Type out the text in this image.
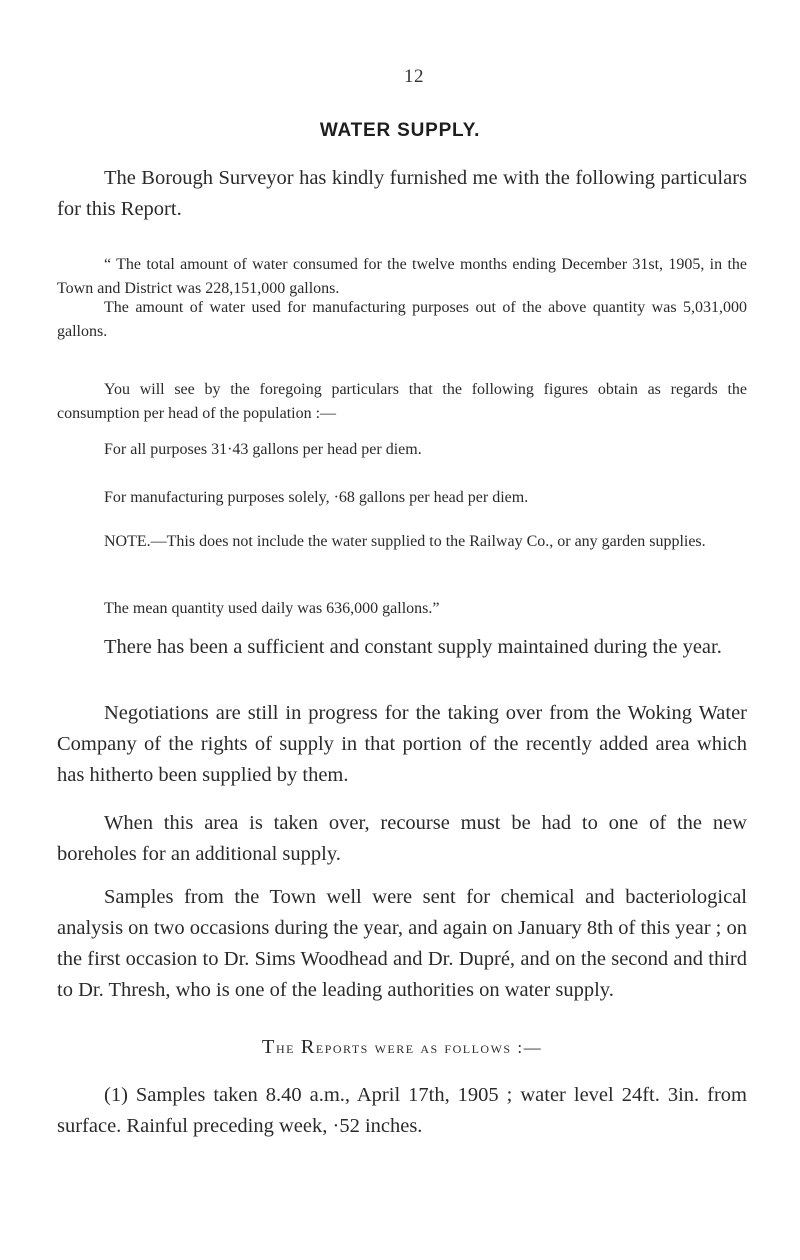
12
WATER SUPPLY.

The Borough Surveyor has kindly furnished me with the following particulars for this Report.

“ The total amount of water consumed for the twelve months ending December 31st, 1905, in the Town and District was 228,151,000 gallons.

The amount of water used for manufacturing purposes out of the above quantity was 5,031,000 gallons.

You will see by the foregoing particulars that the following figures obtain as regards the consumption per head of the population :—

For all purposes 31·43 gallons per head per diem.

For manufacturing purposes solely, ·68 gallons per head per diem.

NOTE.—This does not include the water supplied to the Railway Co., or any garden supplies.

The mean quantity used daily was 636,000 gallons.”

There has been a sufficient and constant supply maintained during the year.

Negotiations are still in progress for the taking over from the Woking Water Company of the rights of supply in that portion of the recently added area which has hitherto been supplied by them.

When this area is taken over, recourse must be had to one of the new boreholes for an additional supply.

Samples from the Town well were sent for chemical and bacteriological analysis on two occasions during the year, and again on January 8th of this year ; on the first occasion to Dr. Sims Woodhead and Dr. Dupré, and on the second and third to Dr. Thresh, who is one of the leading authorities on water supply.

The Reports were as follows :—

(1) Samples taken 8.40 a.m., April 17th, 1905 ; water level 24ft. 3in. from surface. Rainful preceding week, ·52 inches.
